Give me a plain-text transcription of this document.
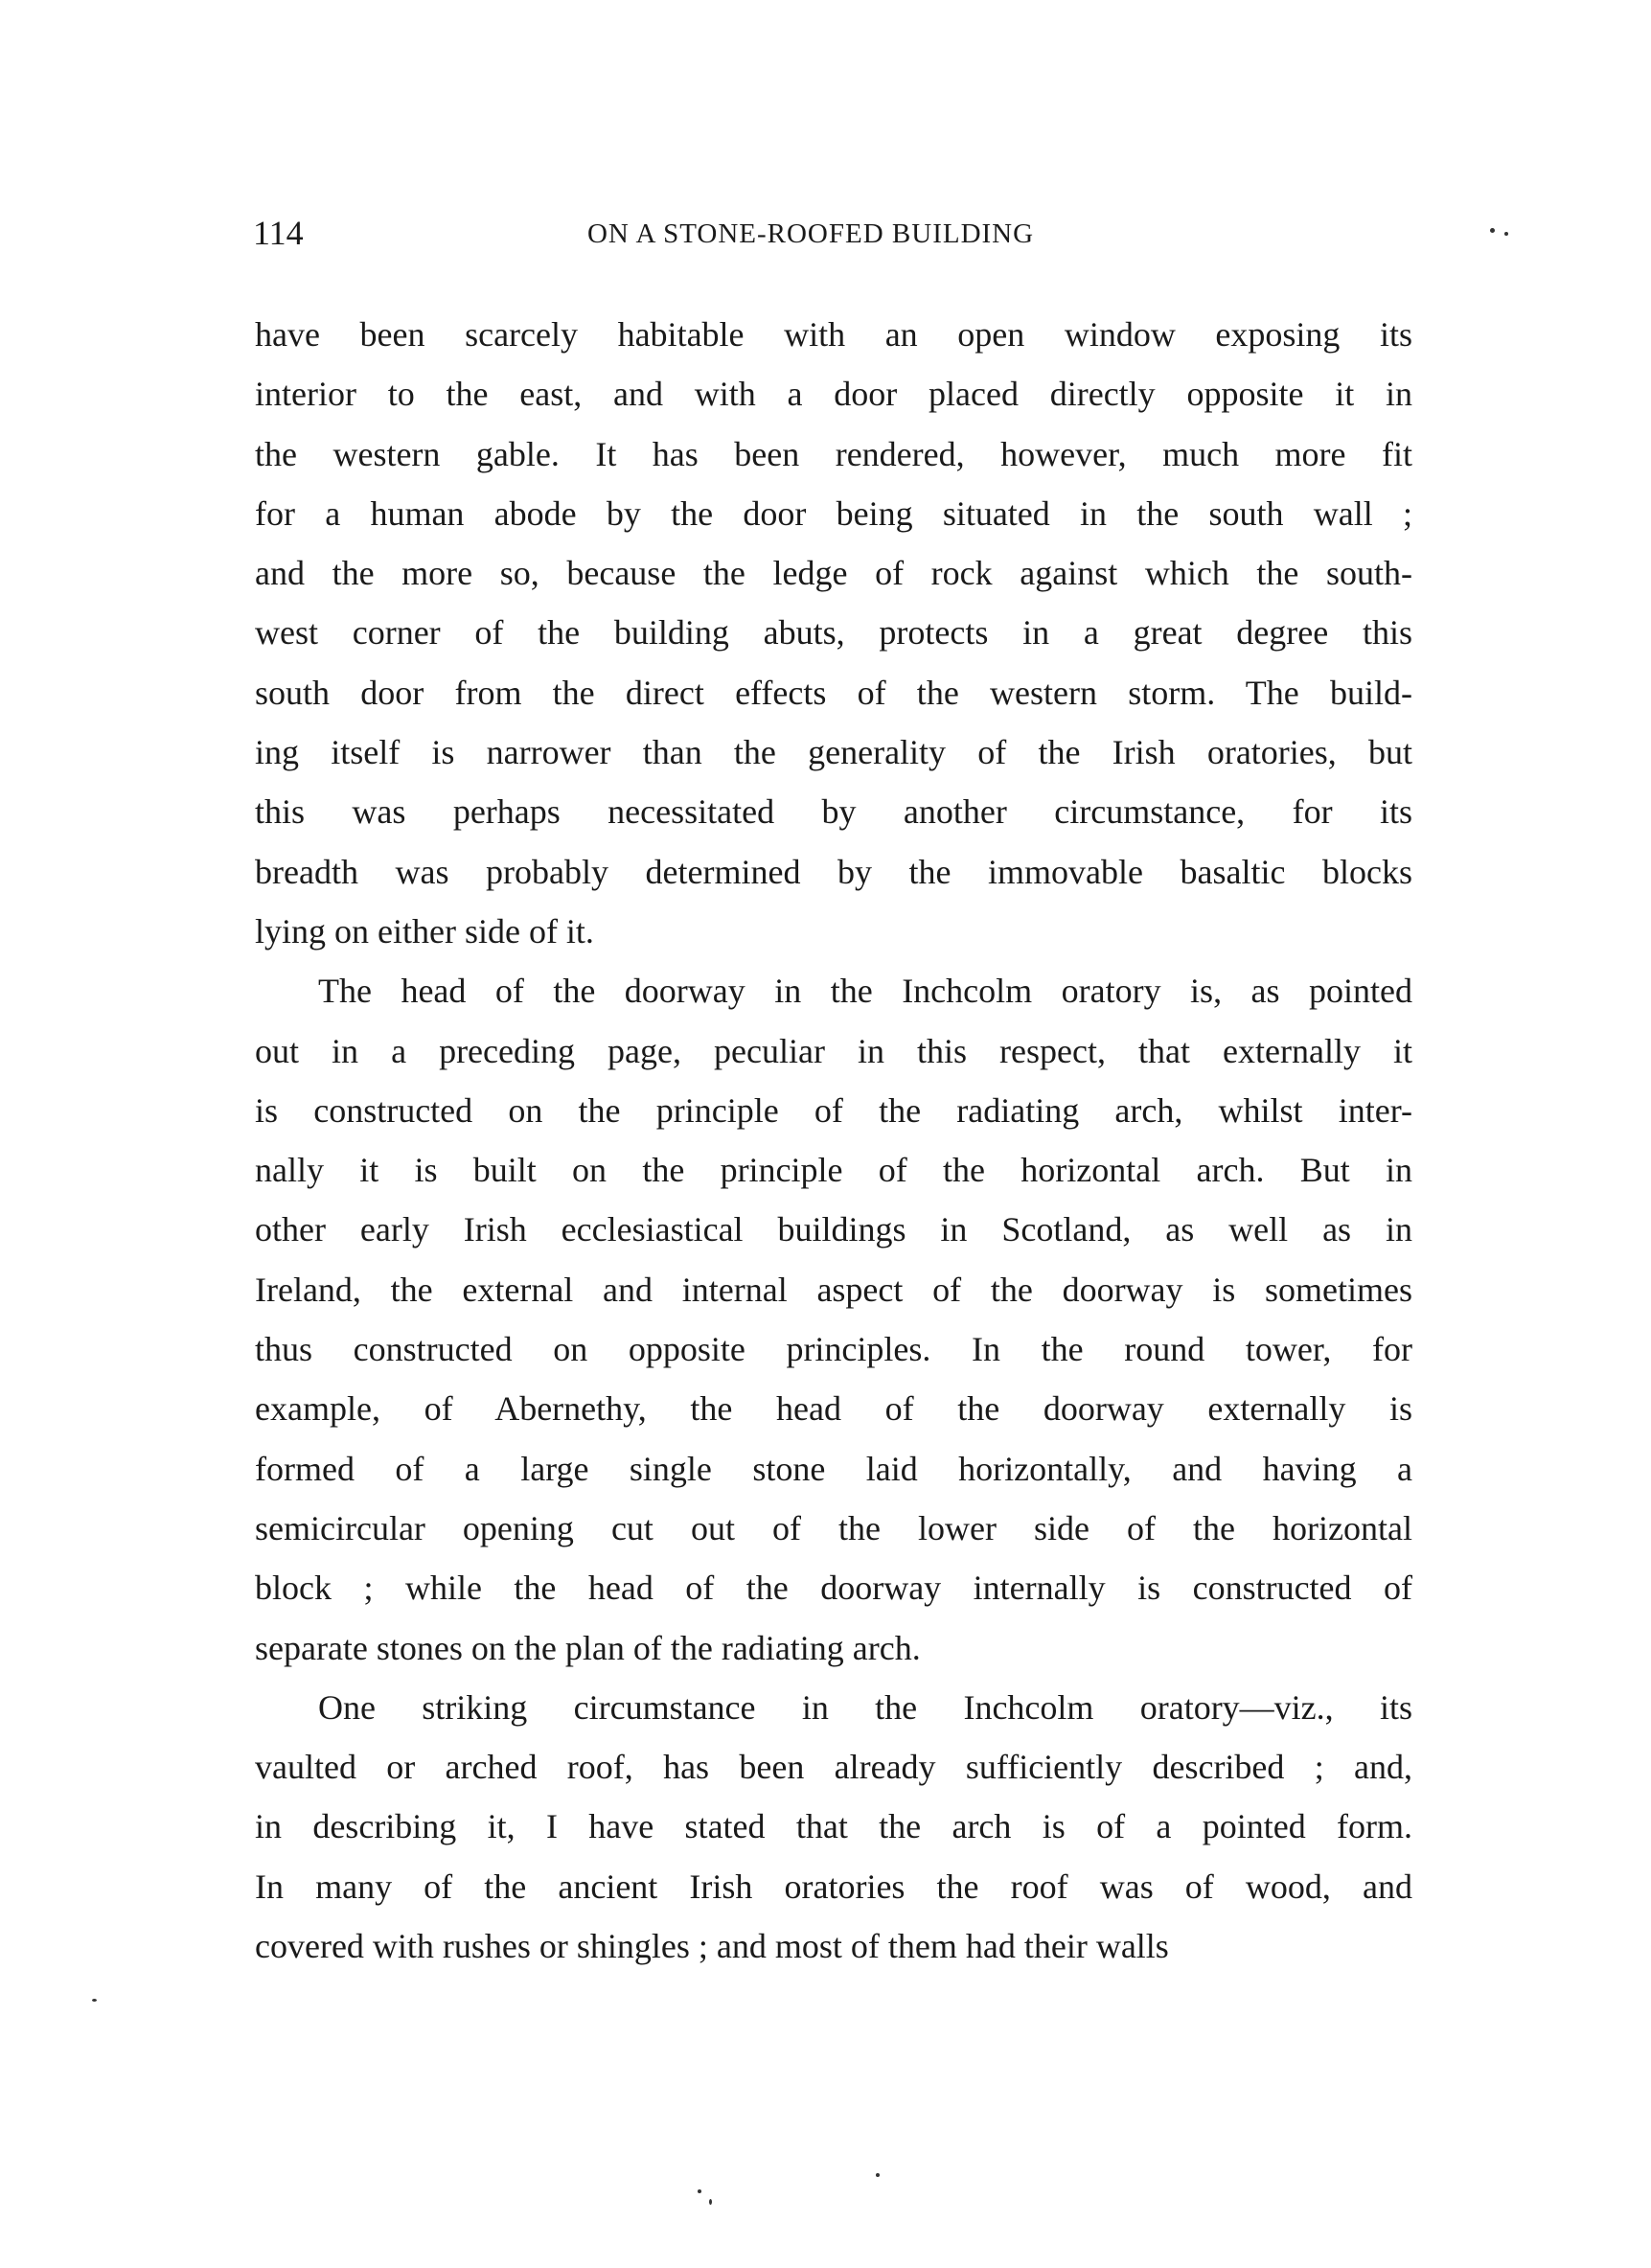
114	ON A STONE-ROOFED BUILDING
have been scarcely habitable with an open window exposing its
interior to the east, and with a door placed directly opposite it in
the western gable. It has been rendered, however, much more fit
for a human abode by the door being situated in the south wall ;
and the more so, because the ledge of rock against which the south-
west corner of the building abuts, protects in a great degree this
south door from the direct effects of the western storm. The build-
ing itself is narrower than the generality of the Irish oratories, but
this was perhaps necessitated by another circumstance, for its
breadth was probably determined by the immovable basaltic blocks
lying on either side of it.
The head of the doorway in the Inchcolm oratory is, as pointed
out in a preceding page, peculiar in this respect, that externally it
is constructed on the principle of the radiating arch, whilst inter-
nally it is built on the principle of the horizontal arch. But in
other early Irish ecclesiastical buildings in Scotland, as well as in
Ireland, the external and internal aspect of the doorway is sometimes
thus constructed on opposite principles. In the round tower, for
example, of Abernethy, the head of the doorway externally is
formed of a large single stone laid horizontally, and having a
semicircular opening cut out of the lower side of the horizontal
block ; while the head of the doorway internally is constructed of
separate stones on the plan of the radiating arch.
One striking circumstance in the Inchcolm oratory—viz., its
vaulted or arched roof, has been already sufficiently described ; and,
in describing it, I have stated that the arch is of a pointed form.
In many of the ancient Irish oratories the roof was of wood, and
covered with rushes or shingles ; and most of them had their walls
